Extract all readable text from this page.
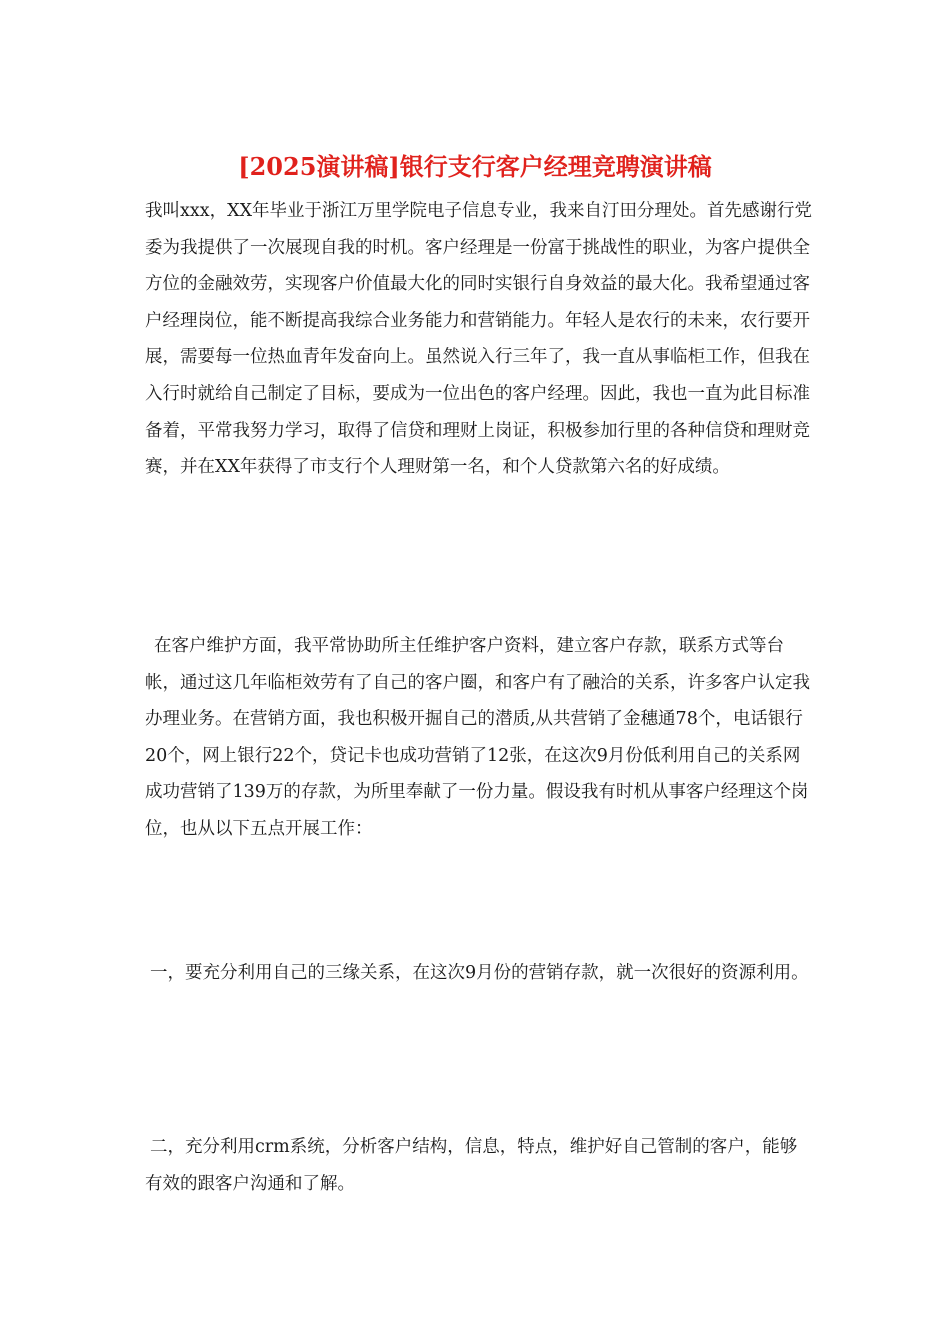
[2025演讲稿]银行支行客户经理竞聘演讲稿

我叫xxx，XX年毕业于浙江万里学院电子信息专业，我来自汀田分理处。首先感谢行党委为我提供了一次展现自我的时机。客户经理是一份富于挑战性的职业，为客户提供全方位的金融效劳，实现客户价值最大化的同时实银行自身效益的最大化。我希望通过客户经理岗位，能不断提高我综合业务能力和营销能力。年轻人是农行的未来，农行要开展，需要每一位热血青年发奋向上。虽然说入行三年了，我一直从事临柜工作，但我在入行时就给自己制定了目标，要成为一位出色的客户经理。因此，我也一直为此目标准备着，平常我努力学习，取得了信贷和理财上岗证，积极参加行里的各种信贷和理财竞赛，并在XX年获得了市支行个人理财第一名，和个人贷款第六名的好成绩。

在客户维护方面，我平常协助所主任维护客户资料，建立客户存款，联系方式等台帐，通过这几年临柜效劳有了自己的客户圈，和客户有了融洽的关系，许多客户认定我办理业务。在营销方面，我也积极开掘自己的潜质,从共营销了金穗通78个，电话银行20个，网上银行22个，贷记卡也成功营销了12张，在这次9月份低利用自己的关系网成功营销了139万的存款，为所里奉献了一份力量。假设我有时机从事客户经理这个岗位，也从以下五点开展工作：

一，要充分利用自己的三缘关系，在这次9月份的营销存款，就一次很好的资源利用。

二，充分利用crm系统，分析客户结构，信息，特点，维护好自己管制的客户，能够有效的跟客户沟通和了解。
